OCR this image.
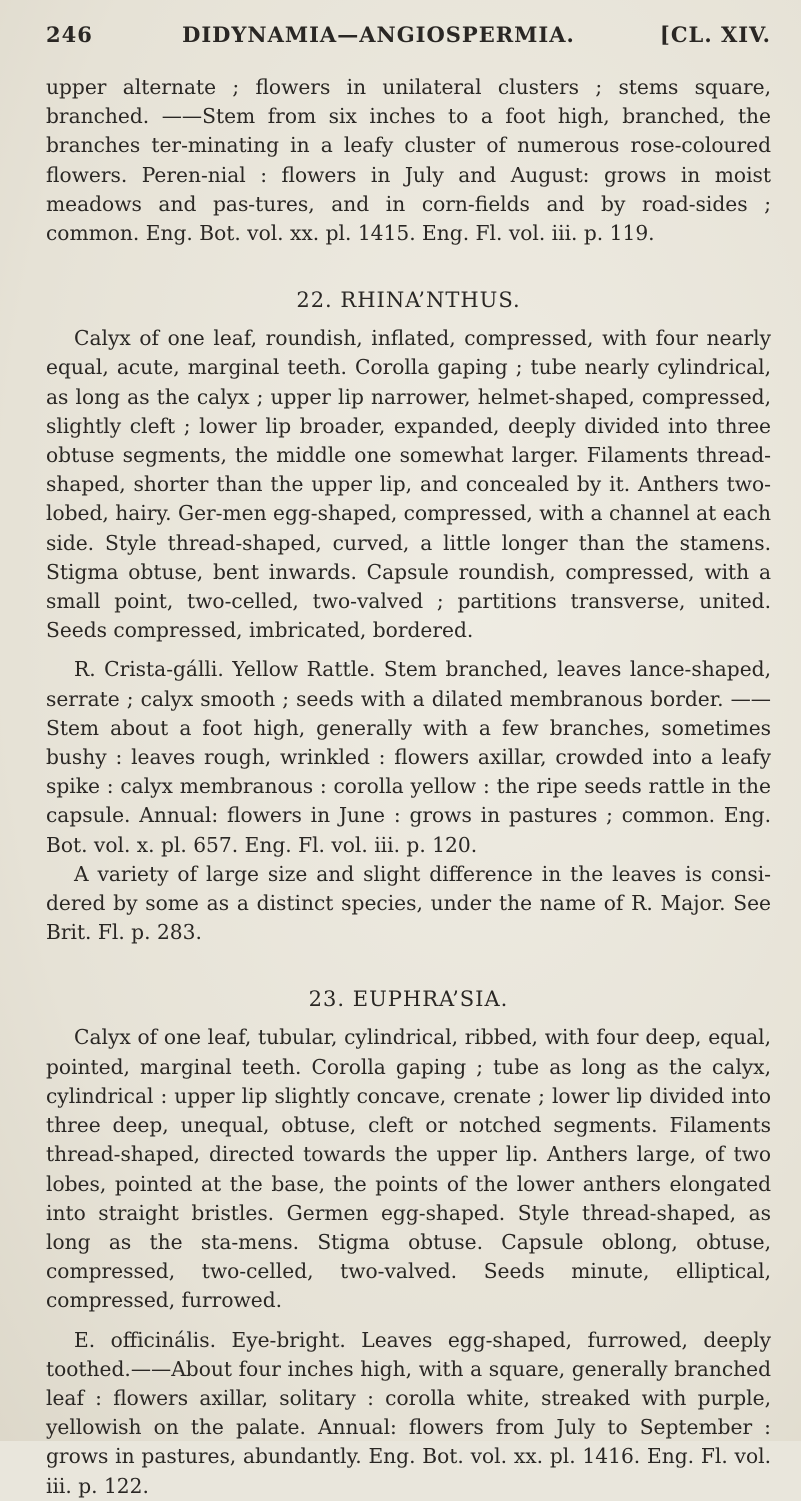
246	DIDYNAMIA—ANGIOSPERMIA.	[CL. XIV.

upper alternate ; flowers in unilateral clusters ; stems square, branched. ——Stem from six inches to a foot high, branched, the branches ter-minating in a leafy cluster of numerous rose-coloured flowers. Peren-nial : flowers in July and August: grows in moist meadows and pas-tures, and in corn-fields and by road-sides ; common. Eng. Bot. vol. xx. pl. 1415. Eng. Fl. vol. iii. p. 119.

22. RHINA’NTHUS.

Calyx of one leaf, roundish, inflated, compressed, with four nearly equal, acute, marginal teeth. Corolla gaping ; tube nearly cylindrical, as long as the calyx ; upper lip narrower, helmet-shaped, compressed, slightly cleft ; lower lip broader, expanded, deeply divided into three obtuse segments, the middle one somewhat larger. Filaments thread-shaped, shorter than the upper lip, and concealed by it. Anthers two-lobed, hairy. Ger-men egg-shaped, compressed, with a channel at each side. Style thread-shaped, curved, a little longer than the stamens. Stigma obtuse, bent inwards. Capsule roundish, compressed, with a small point, two-celled, two-valved ; partitions transverse, united. Seeds compressed, imbricated, bordered.

R. Crista-gálli. Yellow Rattle. Stem branched, leaves lance-shaped, serrate ; calyx smooth ; seeds with a dilated membranous border. ——Stem about a foot high, generally with a few branches, sometimes bushy : leaves rough, wrinkled : flowers axillar, crowded into a leafy spike : calyx membranous : corolla yellow : the ripe seeds rattle in the capsule. Annual: flowers in June : grows in pastures ; common. Eng. Bot. vol. x. pl. 657. Eng. Fl. vol. iii. p. 120.

A variety of large size and slight difference in the leaves is consi-dered by some as a distinct species, under the name of R. Major. See Brit. Fl. p. 283.

23. EUPHRA’SIA.

Calyx of one leaf, tubular, cylindrical, ribbed, with four deep, equal, pointed, marginal teeth. Corolla gaping ; tube as long as the calyx, cylindrical : upper lip slightly concave, crenate ; lower lip divided into three deep, unequal, obtuse, cleft or notched segments. Filaments thread-shaped, directed towards the upper lip. Anthers large, of two lobes, pointed at the base, the points of the lower anthers elongated into straight bristles. Germen egg-shaped. Style thread-shaped, as long as the sta-mens. Stigma obtuse. Capsule oblong, obtuse, compressed, two-celled, two-valved. Seeds minute, elliptical, compressed, furrowed.

E. officinális. Eye-bright. Leaves egg-shaped, furrowed, deeply toothed.——About four inches high, with a square, generally branched leaf : flowers axillar, solitary : corolla white, streaked with purple, yellowish on the palate. Annual: flowers from July to September : grows in pastures, abundantly. Eng. Bot. vol. xx. pl. 1416. Eng. Fl. vol. iii. p. 122.
